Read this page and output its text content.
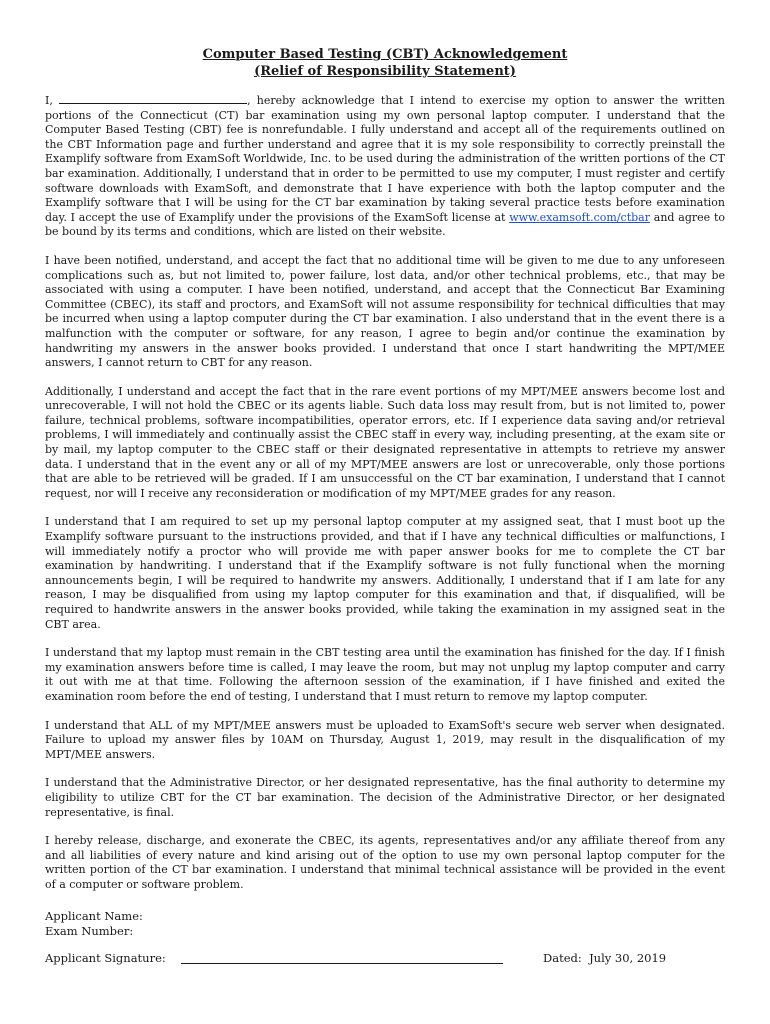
Computer Based Testing (CBT) Acknowledgement

(Relief of Responsibility Statement)

I,	, hereby acknowledge that I intend to exercise my option to answer the written portions of the Connecticut (CT) bar examination using my own personal laptop computer. I understand that the Computer Based Testing (CBT) fee is nonrefundable. I fully understand and accept all of the requirements outlined on the CBT Information page and further understand and agree that it is my sole responsibility to correctly preinstall the Examplify software from ExamSoft Worldwide, Inc. to be used during the administration of the written portions of the CT bar examination. Additionally, I understand that in order to be permitted to use my computer, I must register and certify software downloads with ExamSoft, and demonstrate that I have experience with both the laptop computer and the Examplify software that I will be using for the CT bar examination by taking several practice tests before examination day. I accept the use of Examplify under the provisions of the ExamSoft license at www.examsoft.com/ctbar and agree to be bound by its terms and conditions, which are listed on their website.

I have been notified, understand, and accept the fact that no additional time will be given to me due to any unforeseen complications such as, but not limited to, power failure, lost data, and/or other technical problems, etc., that may be associated with using a computer. I have been notified, understand, and accept that the Connecticut Bar Examining Committee (CBEC), its staff and proctors, and ExamSoft will not assume responsibility for technical difficulties that may be incurred when using a laptop computer during the CT bar examination. I also understand that in the event there is a malfunction with the computer or software, for any reason, I agree to begin and/or continue the examination by handwriting my answers in the answer books provided. I understand that once I start handwriting the MPT/MEE answers, I cannot return to CBT for any reason.

Additionally, I understand and accept the fact that in the rare event portions of my MPT/MEE answers become lost and unrecoverable, I will not hold the CBEC or its agents liable. Such data loss may result from, but is not limited to, power failure, technical problems, software incompatibilities, operator errors, etc. If I experience data saving and/or retrieval problems, I will immediately and continually assist the CBEC staff in every way, including presenting, at the exam site or by mail, my laptop computer to the CBEC staff or their designated representative in attempts to retrieve my answer data. I understand that in the event any or all of my MPT/MEE answers are lost or unrecoverable, only those portions that are able to be retrieved will be graded. If I am unsuccessful on the CT bar examination, I understand that I cannot request, nor will I receive any reconsideration or modification of my MPT/MEE grades for any reason.

I understand that I am required to set up my personal laptop computer at my assigned seat, that I must boot up the Examplify software pursuant to the instructions provided, and that if I have any technical difficulties or malfunctions, I will immediately notify a proctor who will provide me with paper answer books for me to complete the CT bar examination by handwriting. I understand that if the Examplify software is not fully functional when the morning announcements begin, I will be required to handwrite my answers. Additionally, I understand that if I am late for any reason, I may be disqualified from using my laptop computer for this examination and that, if disqualified, will be required to handwrite answers in the answer books provided, while taking the examination in my assigned seat in the CBT area.

I understand that my laptop must remain in the CBT testing area until the examination has finished for the day. If I finish my examination answers before time is called, I may leave the room, but may not unplug my laptop computer and carry it out with me at that time. Following the afternoon session of the examination, if I have finished and exited the examination room before the end of testing, I understand that I must return to remove my laptop computer.

I understand that ALL of my MPT/MEE answers must be uploaded to ExamSoft's secure web server when designated. Failure to upload my answer files by 10AM on Thursday, August 1, 2019, may result in the disqualification of my MPT/MEE answers.

I understand that the Administrative Director, or her designated representative, has the final authority to determine my eligibility to utilize CBT for the CT bar examination. The decision of the Administrative Director, or her designated representative, is final.

I hereby release, discharge, and exonerate the CBEC, its agents, representatives and/or any affiliate thereof from any and all liabilities of every nature and kind arising out of the option to use my own personal laptop computer for the written portion of the CT bar examination. I understand that minimal technical assistance will be provided in the event of a computer or software problem.

Applicant Name:
Exam Number:
Applicant Signature:	Dated: July 30, 2019
